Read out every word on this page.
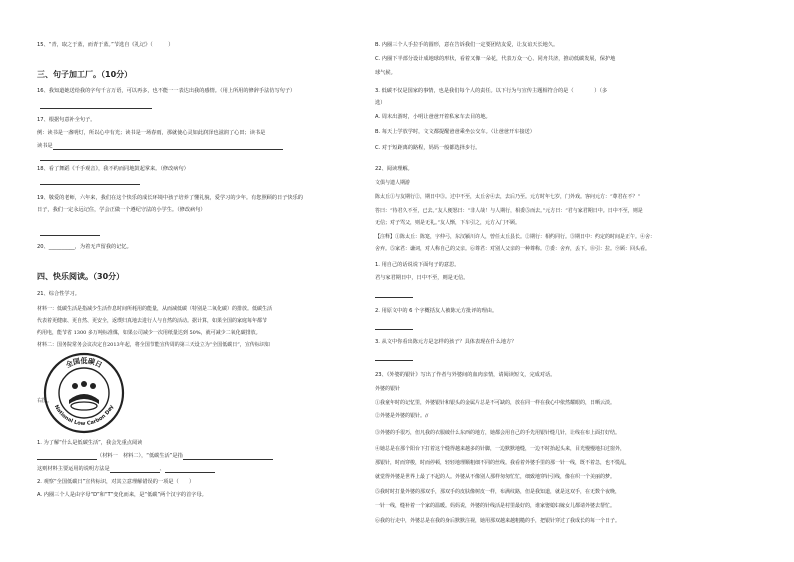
15、“青，取之于蓝，而青于蓝。”节选自《礼记》（　　　）
三、句子加工厂。（10分）
16、我知道她送给我的字句千言万语，可以再多，也不能一一表达出我的感情。（用上所用的修辞手法仿写句子）
17、根据句意补全句子。
例：读书是一盏明灯，所以心中有光；读书是一场春雨，那就使心灵如此润泽也滋润了心田；读书是
读书是
18、看了舞蹈《千手观音》，我不约而同地鼓起掌来。（修改病句）
19、敬爱的老师，六年来，我们在这个快乐的成长环境中孩子培养了懂礼貌，爱学习的少年。有您照顾的日子快乐的
日子，我们一定永远记住，学会正做一个遵纪守法的小学生。（修改病句）
20、__________，为着无声留我的记忆。
四、快乐阅读。（30分）
21、综合性学习。
材料一：低碳生活是指减少生活作息时间所耗用的能量，从而减低碳（特别是二氧化碳）的排放。低碳生活
代表着更健康、更自然、更安全，返璞归真地去进行人与自然的活动。据计算，如果全国的家庭每年都节
约用电，能节省 1300 多万吨标准煤，如果公司减少一次用纸量达到 50%，就可减少二氧化碳排放。
材料二：国务院常务会议决定自2013年起，将全国节能宣传周的第三天设立为“全国低碳日”，宣传标识如
右图。
1. 为了解“什么是低碳生活”，我会先重点阅读
（材料一　材料二），“低碳生活”是指
这则材料主要运用的说明方法是	、
2. 观察“全国低碳日”宣传标识，对其立意理解错误的一项是（　　）
A. 内圈三个人是由字母“D”和“T”变化而来，是“低碳”两个汉字的首字母。
全国低碳日
National Low Carbon Day
B. 内圈三个人手拉手的圆形，意在告诉我们一定要团结友爱，让友谊天长地久。
C. 内圈下半部分设计成地球的形状，看着又像一朵花，代表万众一心、同舟共济，推动低碳发展，保护地
球气候。
3. 低碳不仅是国家的事情，也是我们每个人的责任。以下行为与宣传主题相符合的是（　　　　）（多
选）
A. 周末出游时，小明让爸爸开着私家车去目的地。
B. 每天上学放学时，文文都提醒爸爸乘坐公交车。（让爸爸开车接送）
C. 对于短距离的路程，妈妈一般都选择步行。
22、阅读理解。
文俱与遗人期游
陈太丘①与友期行②，期日中③。过中不至，太丘舍④去，去后乃至。元方时年七岁，门外戏。客问元方：“尊君在不？”
答曰：“待君久不至，已去。”友人便怒曰：“非人哉！与人期行，相委⑤而去。”元方曰：“君与家君期日中。日中不至，则是
无信；对子骂父，则是无礼。”友人惭，下车引之，元方入门不顾。
【注释】①陈太丘：陈寔，字仲弓，东汉颍川许人，曾任太丘县长。②期行：相约同行。③期日中：约定的时间是正午。④舍：
舍弃。⑤家君：谦词，对人称自己的父亲。⑥尊君：对别人父亲的一种尊称。⑦委：舍弃，丢下。⑧引：拉。⑨顾：回头看。
1. 用自己的话说说下面句子的意思。
君与家君期日中，日中不至，则是无信。
2. 用原文中的 6 个字概括友人被陈元方批评的理由。
3. 从文中你看出陈元方是怎样的孩子？具体表现在什么地方？
23、《外婆的银针》写出了作者与外婆间的血肉亲情，请阅读短文，完成对话。
外婆的银针
①我童年时的记忆里，外婆银针和银头的金属片总是不可缺的，放在同一样在我心中依然耀眼的，日晒云淡。
②外婆是外婆的银针。//
③外婆的手很巧，但凡我的衣服破什么东西的地方，她都会用自己的手先用银针缝几针，让线在布上面打好结。
④她总是在那个阳台下打着这个缝得越来越多的针脚，一边默默地缝，一边不时抬起头来，目光慢慢地扫过窗外，
那银针，时而穿梭，时而停顿，轻轻地理顺粗细不同的丝线。我看着外婆手里的那一针一线，既不着急，也不慌乱，
就觉得外婆是世界上最了不起的人。外婆从不像别人那样匆匆忙忙，细致地穿针引线，像在织一个美丽的梦。
⑤我时时打量外婆的那双手，那双手的皮肤像树皮一样，布满纹路，但是我知道，就是这双手，在无数个夜晚，
一针一线，缝补着一个家的温暖。妈妈说，外婆的针线活是村里最好的，谁家娶媳妇嫁女儿都请外婆去帮忙。
⑥我的行走中，外婆总是在我的身后默默注视，她用那双越来越粗糙的手，把银针穿过了我成长的每一个日子。
